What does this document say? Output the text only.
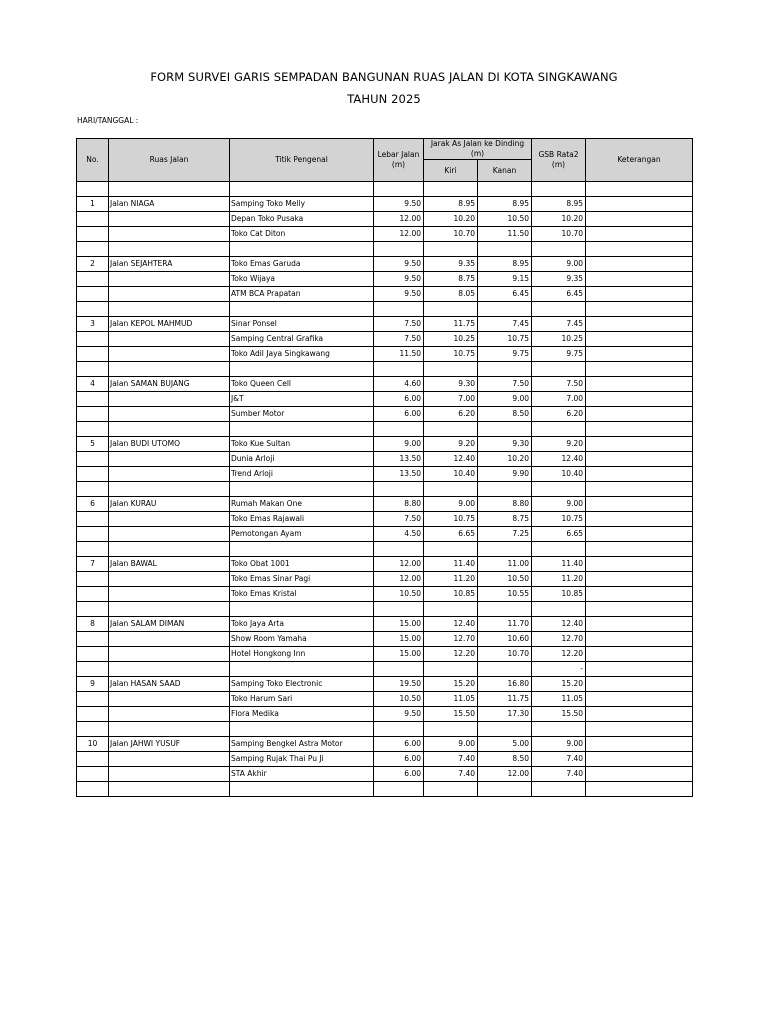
FORM SURVEI GARIS SEMPADAN BANGUNAN RUAS JALAN DI KOTA SINGKAWANG
TAHUN 2025
HARI/TANGGAL :
No.	Ruas Jalan	Titik Pengenal	Lebar Jalan (m)	Jarak As Jalan ke Dinding (m)		GSB Rata2 (m)	Keterangan
				Kiri	Kanan		

1	Jalan NIAGA	Samping Toko Melly	9.50	8.95	8.95	8.95	
		Depan Toko Pusaka	12.00	10.20	10.50	10.20	
		Toko Cat Diton	12.00	10.70	11.50	10.70	

2	Jalan SEJAHTERA	Toko Emas Garuda	9.50	9.35	8.95	9.00	
		Toko Wijaya	9.50	8.75	9.15	9.35	
		ATM BCA Prapatan	9.50	8.05	6.45	6.45	

3	Jalan KEPOL MAHMUD	Sinar Ponsel	7.50	11.75	7.45	7.45	
		Samping Central Grafika	7.50	10.25	10.75	10.25	
		Toko Adil Jaya Singkawang	11.50	10.75	9.75	9.75	

4	Jalan SAMAN BUJANG	Toko Queen Cell	4.60	9.30	7.50	7.50	
		J&T	6.00	7.00	9.00	7.00	
		Sumber Motor	6.00	6.20	8.50	6.20	

5	Jalan BUDI UTOMO	Toko Kue Sultan	9.00	9.20	9.30	9.20	
		Dunia Arloji	13.50	12.40	10.20	12.40	
		Trend Arloji	13.50	10.40	9.90	10.40	

6	Jalan KURAU	Rumah Makan One	8.80	9.00	8.80	9.00	
		Toko Emas Rajawali	7.50	10.75	8.75	10.75	
		Pemotongan Ayam	4.50	6.65	7.25	6.65	

7	Jalan BAWAL	Toko Obat 1001	12.00	11.40	11.00	11.40	
		Toko Emas Sinar Pagi	12.00	11.20	10.50	11.20	
		Toko Emas Kristal	10.50	10.85	10.55	10.85	

8	Jalan SALAM DIMAN	Toko Jaya Arta	15.00	12.40	11.70	12.40	
		Show Room Yamaha	15.00	12.70	10.60	12.70	
		Hotel Hongkong Inn	15.00	12.20	10.70	12.20	
						-	
9	Jalan HASAN SAAD	Samping Toko Electronic	19.50	15.20	16.80	15.20	
		Toko Harum Sari	10.50	11.05	11.75	11.05	
		Flora Medika	9.50	15.50	17.30	15.50	

10	Jalan JAHWI YUSUF	Samping Bengkel Astra Motor	6.00	9.00	5.00	9.00	
		Samping Rujak Thai Pu Ji	6.00	7.40	8.50	7.40	
		STA Akhir	6.00	7.40	12.00	7.40	
